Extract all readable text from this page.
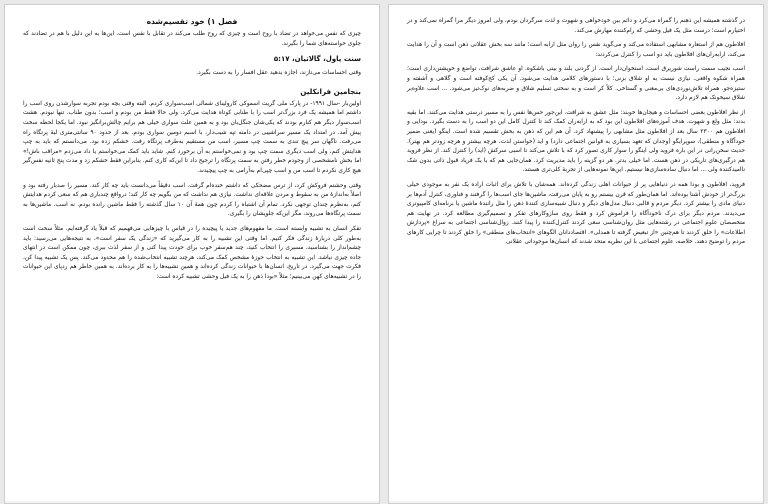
فصل ۱) خود تقسیم‌شده

چیزی که نفس می‌خواهد در تضاد با روح است و چیزی که روح طلب می‌کند در تقابل با نفس است. این‌ها به این دلیل با هم در تضادند که جلوی خواسته‌های شما را بگیرند.

سنت پاول، گالاتیان، ۵:۱۷

وقتی احساسات می‌تازند، اجازه بدهید عقل افسار را به دست بگیرد.

بنجامین فرانکلین

اولین‌بار -سال ۱۹۹۱- در پارک ملی گریت اسموکی کارولینای شمالی اسب‌سواری کردم. البته وقتی بچه بودم تجربه سوارشدن روی اسب را داشتم اما همیشه یک فرد بزرگ‌تر اسب را با طنابی کوتاه هدایت می‌کرد. ولی حالا فقط من بودم و اسب؛ بدون طناب. تنها نبودم. هشت اسب‌سوار دیگر هم کنارم بودند که یکی‌شان جنگل‌بان بود و به همین علت سواری خیلی هم برایم چالش‌برانگیز نبود. اما یکجا لحظه سخت پیش آمد. در امتداد یک مسیر سراشیبی در دامنه تپه شیب‌دار، با اسبم دومین سواری بودم. بعد از حدود ۹۰ سانتی‌متری لبهٔ پرتگاه راه می‌رفت. ناگهان سر پیچ تندی به سمت چپ مسیر، اسب من مستقیم به‌طرف پرتگاه رفت. خشکم زده بود. می‌دانستم که باید به چپ هدایتش کنم، ولی اسب دیگری سمت چپ بود و نمی‌خواستم به آن برخورد کنم. شاید باید کمک می‌خواستم یا داد می‌زدم «مراقب باش!» اما بخش نامشخصی از وجودم خطر رفتن به سمت پرتگاه را ترجیح داد تا این‌که کاری کنم. بنابراین فقط خشکم زد و مدت پنج ثانیه نفس‌گیر هیچ کاری نکردم تا اسب من و اسب چپی‌ام به‌آرامی به چپ پیچیدند.

وقتی وحشتم فروکش کرد، از ترس مضحکی که داشتم خنده‌ام گرفت. اسب دقیقاً می‌دانست باید چه کار کند. مسیر را صدبار رفته بود و اصلاً به‌اندازهٔ من به سقوط و مردن علاقه‌ای نداشت. نیازی هم نداشت که من بگویم چه کار کند؛ درواقع چندباری هم که سعی کردم هدایتش کنم، به‌نظرم چندان توجهی نکرد. تمام آن اشتباه را کردم چون همهٔ آن ۱۰ سال گذشته را فقط ماشین رانده بودم. نه اسب. ماشین‌ها به سمت پرتگاه‌ها می‌روند، مگر این‌که جلویشان را بگیری.

تفکر انسان به تشبیه وابسته است. ما مفهوم‌های جدید یا پیچیده را در قیاس با چیزهایی می‌فهمیم که قبلاً یاد گرفته‌ایم. مثلاً سخت است به‌طور کلی دربارهٔ زندگی فکر کنیم. اما وقتی این تشبیه را به کار می‌گیرید که «زندگی یک سفر است»، به نتیجه‌هایی می‌رسید: باید چشم‌انداز را بشناسید، مسیری را انتخاب کنید، چند هم‌سفر خوب برای خودت پیدا کنی و از سفر لذت ببری، چون ممکن است در انتهای جاده چیزی نباشد. این تشبیه به انتخاب حوزهٔ مشخص کمک می‌کند، هرچند تشبیه انتخاب‌شده را هم محدود می‌کند. پس یک تشبیه پیدا کن، فکرت جهت می‌گیرد. در تاریخ، انسان‌ها با حیوانات زندگی کرده‌اند و همین تشبیه‌ها را به کار برده‌اند. به همین خاطر هم ردپای این حیوانات را در تشبیه‌های کهن می‌بینیم؛ مثلاً «بودا ذهن را به یک فیل وحشی تشبیه کرده است:

در گذشته همیشه این ذهنم را گمراه می‌کرد و دائم بین خودخواهی و شهوت و لذت سرگردان بودم، ولی امروز دیگر مرا گمراه نمی‌کند و در اختیارم است؛ درست مثل یک فیل وحشی که رام‌کننده مهارش می‌کند.

افلاطون هم از استعاره مشابهی استفاده می‌کند و می‌گوید نفس را روان مثل ارابه است؛ مانند سه بخش عقلانی ذهن است و آن را هدایت می‌کند، ارابه‌ران‌های افلاطون باید دو اسب را کنترل می‌کردند:

اسب نجیب سمت راست شوریرق است، استخوان‌دار است. از گردنی بلند و بینی باشکوه. او عاشق شرافت، تواضع و خویشتن‌داری است؛ همراه شکوه واقعی. نیازی نیست به او شلاق بزنی؛ با دستورهای کلامی هدایت می‌شود. آن یکی کج‌کوفته است و گلاهی و آشفته و ستیزه‌جو. همراه تلاش‌نوردی‌های بی‌معنی و گستاخی. کلاً کر است و به سختی تسلیم شلاق و ضربه‌های نوک‌تیز می‌شود. ... اسب علاوه‌بر شلاق سیخونک هم لازم دارد.

از نظر افلاطون بعضی احساسات و هیجان‌ها خوبند: مثل عشق به شرافت. این‌جور حس‌ها نفس را به مسیر درستی هدایت می‌کنند. اما بقیه بدند: مثل ولع و شهوت. هدف آموزه‌های افلاطون این بود که به ارابه‌ران کمک کند تا کنترل کامل این دو اسب را به دست بگیرد. بودایی و افلاطون هم ۲۳۰۰ سال بعد از افلاطون مثل مشابهی را پیشنهاد کرد. آن هم این که ذهن به بخش تقسیم شده است. اینگو (یعنی ضمیر خودآگاه و منطقی)، سوپرایگو (وجدان که تعهد بسیاری به قوانین اجتماعی دارد) و اید (خواستن لذت، هرچه بیشتر و هرچه زودتر هم بهتر). حدیث سخن‌رانی در این باره فروید ولی اینگو را سوار کاری تصور کرد که با تلاش می‌کند تا اسبی سرکش (اید) را کنترل کند. از نظر فروید هم درگیری‌های تاریکی در ذهن هست. اما خیلی بدتر. هر دو گزینه را باید مدیریت کرد. همان‌جایی هم که با یک فریاد قبول ذاتی بدون شک ناامیدکننده ولی ... اما دنبال ساده‌سازی‌ها نیستیم. این‌ها نمونه‌هایی از تجربهٔ کلی‌تری هستند.

فروید، افلاطون و بودا همه در دنیاهایی پر از حیوانات اهلی زندگی کرده‌اند. همه‌شان با تلاش برای اثبات اراده یک نفر به موجودی خیلی بزرگ‌تر از خودش آشنا بوده‌اند. اما همان‌طور که قرن بیستم رو به پایان می‌رفت، ماشین‌ها جای اسب‌ها را گرفتند و فناوری، کنترل آدم‌ها بر دنیای مادی را بیشتر کرد. دیگر مردم و قالبی دنبال مدل‌های دیگر و دنبال شبیه‌سازی کنندهٔ ذهن را مثل رانندهٔ ماشین یا برنامه‌ای کامپیوتری می‌دیدند. مردم دیگر برای درک ناخودآگاه را فراموش کرد و فقط روی سازوکارهای تفکر و تصمیم‌گیری مطالعه کرد. در نهایت هم متخصصان علوم اجتماعی در رشته‌هایی مثل روان‌شناسی سعی کردند کنترل‌کننده را پیدا کنند. زوال‌شناسی اجتماعی به سراغ «پردازش اطلاعات» را خلق کردند تا هم‌چنین «از تبعیض گرفته تا همدلی». اقتصاددانان الگوهای «انتخاب‌های منطقی» را خلق کردند تا چرایی کارهای مردم را توضیح دهند. خلاصه، علوم اجتماعی با این نظریه متحد شدند که انسان‌ها موجوداتی عقلانی
